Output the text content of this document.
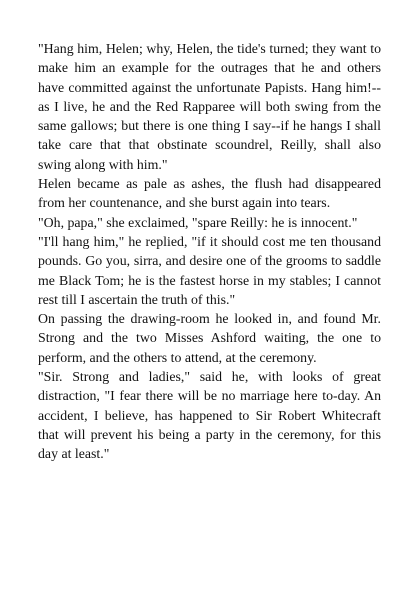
"Hang him, Helen; why, Helen, the tide's turned; they want to make him an example for the outrages that he and others have committed against the unfortunate Papists. Hang him!--as I live, he and the Red Rapparee will both swing from the same gallows; but there is one thing I say--if he hangs I shall take care that that obstinate scoundrel, Reilly, shall also swing along with him."

Helen became as pale as ashes, the flush had disappeared from her countenance, and she burst again into tears.

"Oh, papa," she exclaimed, "spare Reilly: he is innocent."

"I'll hang him," he replied, "if it should cost me ten thousand pounds. Go you, sirra, and desire one of the grooms to saddle me Black Tom; he is the fastest horse in my stables; I cannot rest till I ascertain the truth of this."

On passing the drawing-room he looked in, and found Mr. Strong and the two Misses Ashford waiting, the one to perform, and the others to attend, at the ceremony.

"Sir. Strong and ladies," said he, with looks of great distraction, "I fear there will be no marriage here to-day. An accident, I believe, has happened to Sir Robert Whitecraft that will prevent his being a party in the ceremony, for this day at least."
